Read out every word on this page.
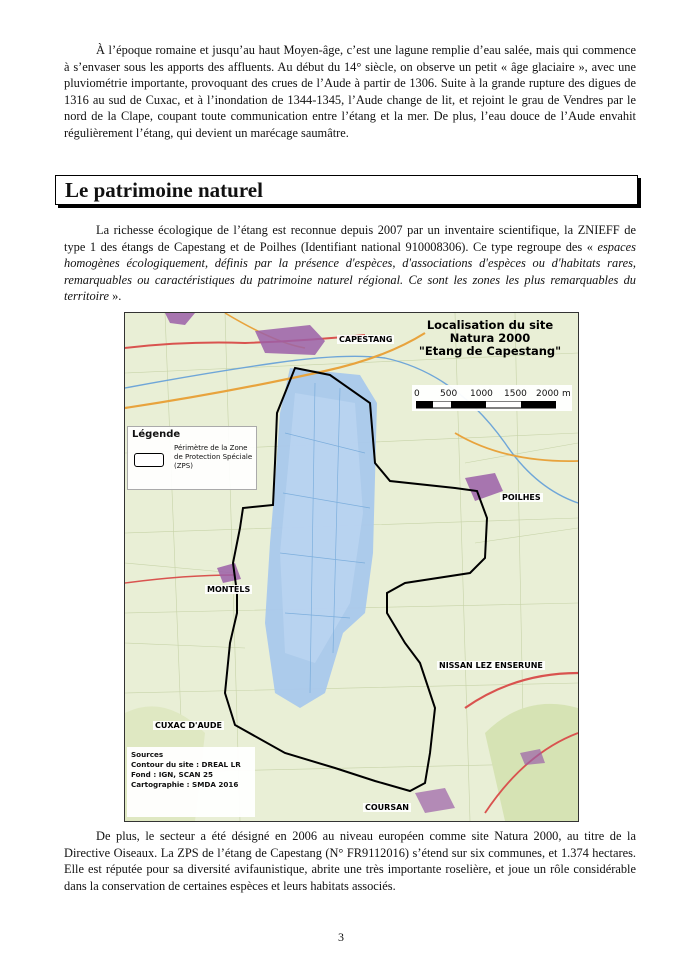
À l’époque romaine et jusqu’au haut Moyen-âge, c’est une lagune remplie d’eau salée, mais qui commence à s’envaser sous les apports des affluents. Au début du 14° siècle, on observe un petit « âge glaciaire », avec une pluviométrie importante, provoquant des crues de l’Aude à partir de 1306. Suite à la grande rupture des digues de 1316 au sud de Cuxac, et à l’inondation de 1344-1345, l’Aude change de lit, et rejoint le grau de Vendres par le nord de la Clape, coupant toute communication entre l’étang et la mer. De plus, l’eau douce de l’Aude envahit régulièrement l’étang, qui devient un marécage saumâtre.

Le patrimoine naturel

La richesse écologique de l’étang est reconnue depuis 2007 par un inventaire scientifique, la ZNIEFF de type 1 des étangs de Capestang et de Poilhes (Identifiant national 910008306). Ce type regroupe des « espaces homogènes écologiquement, définis par la présence d'espèces, d'associations d'espèces ou d'habitats rares, remarquables ou caractéristiques du patrimoine naturel régional. Ce sont les zones les plus remarquables du territoire ».

Localisation du site
Natura 2000
"Etang de Capestang"
0 500 1000 1500 2000 m
Légende
Périmètre de la Zone de Protection Spéciale (ZPS)
CAPESTANG
POILHES
MONTELS
NISSAN LEZ ENSERUNE
CUXAC D'AUDE
COURSAN
Sources
Contour du site : DREAL LR
Fond : IGN, SCAN 25
Cartographie : SMDA 2016

De plus, le secteur a été désigné en 2006 au niveau européen comme site Natura 2000, au titre de la Directive Oiseaux. La ZPS de l’étang de Capestang (N° FR9112016) s’étend sur six communes, et 1.374 hectares. Elle est réputée pour sa diversité avifaunistique, abrite une très importante roselière, et joue un rôle considérable dans la conservation de certaines espèces et leurs habitats associés.

3
